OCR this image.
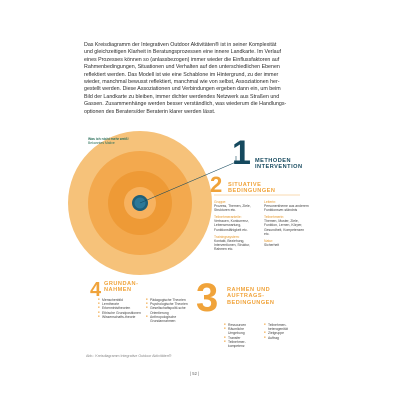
Das Kreisdiagramm der Integrativen Outdoor Aktivitäten® ist in seiner Komplexität

und gleichzeitigen Klarheit in Beratungsprozessen eine innere Landkarte. Im Verlauf

eines Prozesses können so (anlassbezogen) immer wieder die Einflussfaktoren auf

Rahmenbedingungen, Situationen und Verhalten auf den unterschiedlichen Ebenen

reflektiert werden. Das Modell ist wie eine Schablone im Hintergrund, zu der immer

wieder, manchmal bewusst reflektiert, manchmal wie von selbst, Assoziationen her-

gestellt werden. Diese Assoziationen und Verbindungen ergeben dann ein, um beim

Bild der Landkarte zu bleiben, immer dichter werdendes Netzwerk aus Straßen und

Gassen. Zusammenhänge werden besser verständlich, was wiederum die Handlungs-

optionen des Beraters/der Beraterin klarer werden lässt.

Was ich nicht mehr weiß!
Bekanntes Malive	1 METHODEN
INTERVENTION
2 SITUATIVE
BEDINGUNGEN
Gruppe:
Prozess, Themen, Ziele, Strukturen etc.
Teilnehmeranteile:
Vertrauen, Konkurrenz, Lebenserwartung, Funktionsfähigkeit etc.
Trainingssystem:
Kontakt, Beziehung, Interventionen, Struktur, Rahmen etc.
Leiterin:
Personentheme aus anderem Funktionsver-ständnis
Teilnehmerin:
Themen, Muster, Ziele, Funktion, Lernen, Körper, Gesundheit, Kompetenzen etc.
Natur:
Sicherheit
4 GRUNDAN-
NAHMEN
■ Menschenbild
■ Lerntheorie
■ Erkenntnistheorien
■ Ethische Grundpositionen
■ Wissenschafts-theorie
■ Pädagogische Theorien
■ Psychologische Theorien
■ Gesellschaftspoliti-sche Orientierung
■ Anthropologische Grundannahmen
3 RAHMEN UND
AUFTRAGS-
BEDINGUNGEN
■ Ressourcen
■ Räumliche Umgebung
■ Transfer
■ Teilnehmer-kompetenz
■ Teilnehmen-heterogenität
■ Zielgruppe
■ Auftrag
Abb.: Kreisdiagramm Integrative Outdoor Aktivitäten®
| 52 |
